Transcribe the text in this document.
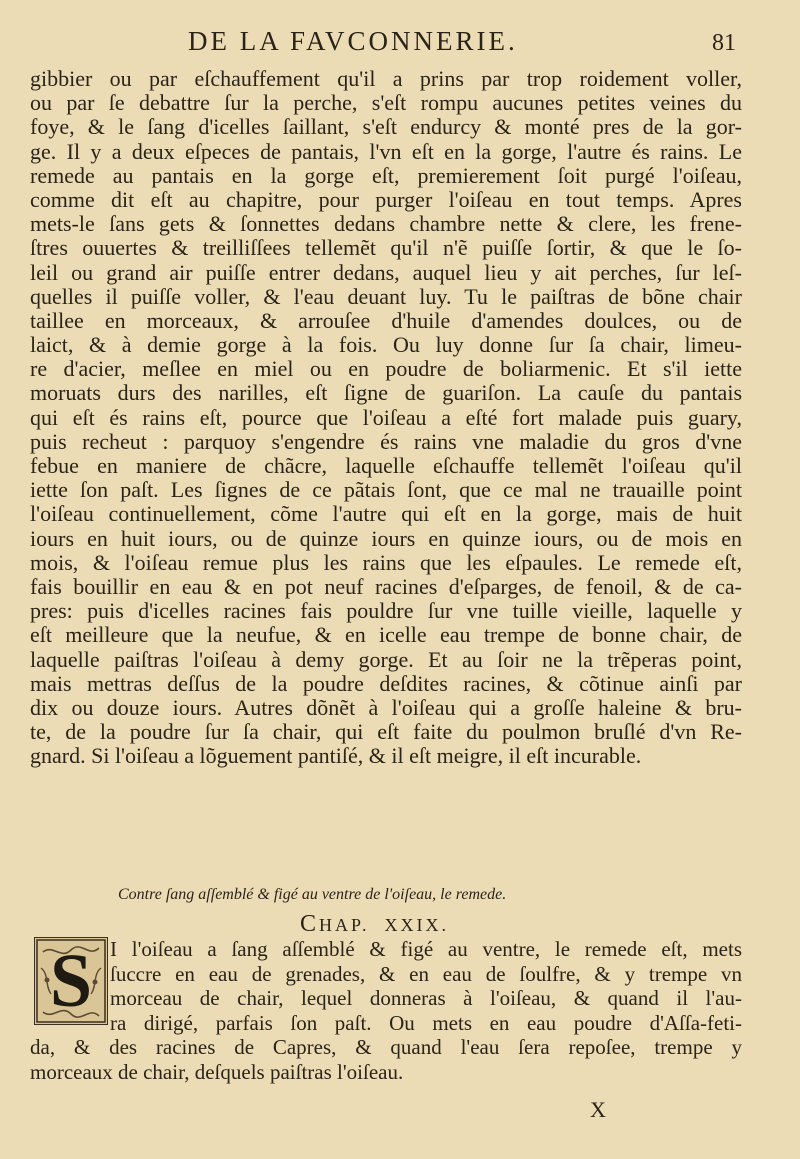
DE LA FAVCONNERIE.	81
gibbier ou par eſchauffement qu'il a prins par trop roidement voller,
ou par ſe debattre ſur la perche, s'eſt rompu aucunes petites veines du
foye, & le ſang d'icelles ſaillant, s'eſt endurcy & monté pres de la gor-
ge. Il y a deux eſpeces de pantais, l'vn eſt en la gorge, l'autre és rains. Le
remede au pantais en la gorge eſt, premierement ſoit purgé l'oiſeau,
comme dit eſt au chapitre, pour purger l'oiſeau en tout temps. Apres
mets-le ſans gets & ſonnettes dedans chambre nette & clere, les frene-
ſtres ouuertes & treilliſſees tellemẽt qu'il n'ẽ puiſſe ſortir, & que le ſo-
leil ou grand air puiſſe entrer dedans, auquel lieu y ait perches, ſur leſ-
quelles il puiſſe voller, & l'eau deuant luy. Tu le paiſtras de bõne chair
taillee en morceaux, & arrouſee d'huile d'amendes doulces, ou de
laict, & à demie gorge à la fois. Ou luy donne ſur ſa chair, limeu-
re d'acier, meſlee en miel ou en poudre de boliarmenic. Et s'il iette
moruats durs des narilles, eſt ſigne de guariſon. La cauſe du pantais
qui eſt és rains eſt, pource que l'oiſeau a eſté fort malade puis guary,
puis recheut : parquoy s'engendre és rains vne maladie du gros d'vne
febue en maniere de chãcre, laquelle eſchauffe tellemẽt l'oiſeau qu'il
iette ſon paſt. Les ſignes de ce pãtais ſont, que ce mal ne trauaille point
l'oiſeau continuellement, cõme l'autre qui eſt en la gorge, mais de huit
iours en huit iours, ou de quinze iours en quinze iours, ou de mois en
mois, & l'oiſeau remue plus les rains que les eſpaules. Le remede eſt,
fais bouillir en eau & en pot neuf racines d'eſparges, de fenoil, & de ca-
pres: puis d'icelles racines fais pouldre ſur vne tuille vieille, laquelle y
eſt meilleure que la neufue, & en icelle eau trempe de bonne chair, de
laquelle paiſtras l'oiſeau à demy gorge. Et au ſoir ne la trẽperas point,
mais mettras deſſus de la poudre deſdites racines, & cõtinue ainſi par
dix ou douze iours. Autres dõnẽt à l'oiſeau qui a groſſe haleine & bru-
te, de la poudre ſur ſa chair, qui eſt faite du poulmon bruſlé d'vn Re-
gnard. Si l'oiſeau a lõguement pantiſé, & il eſt meigre, il eſt incurable.
Contre ſang aſſemblé & figé au ventre de l'oiſeau, le remede.
CHAP. XXIX.
S I l'oiſeau a ſang aſſemblé & figé au ventre, le remede eſt, mets
ſuccre en eau de grenades, & en eau de ſoulfre, & y trempe vn
morceau de chair, lequel donneras à l'oiſeau, & quand il l'au-
ra dirigé, parfais ſon paſt. Ou mets en eau poudre d'Aſſa-feti-
da, & des racines de Capres, & quand l'eau ſera repoſee, trempe y
morceaux de chair, deſquels paiſtras l'oiſeau.
X
